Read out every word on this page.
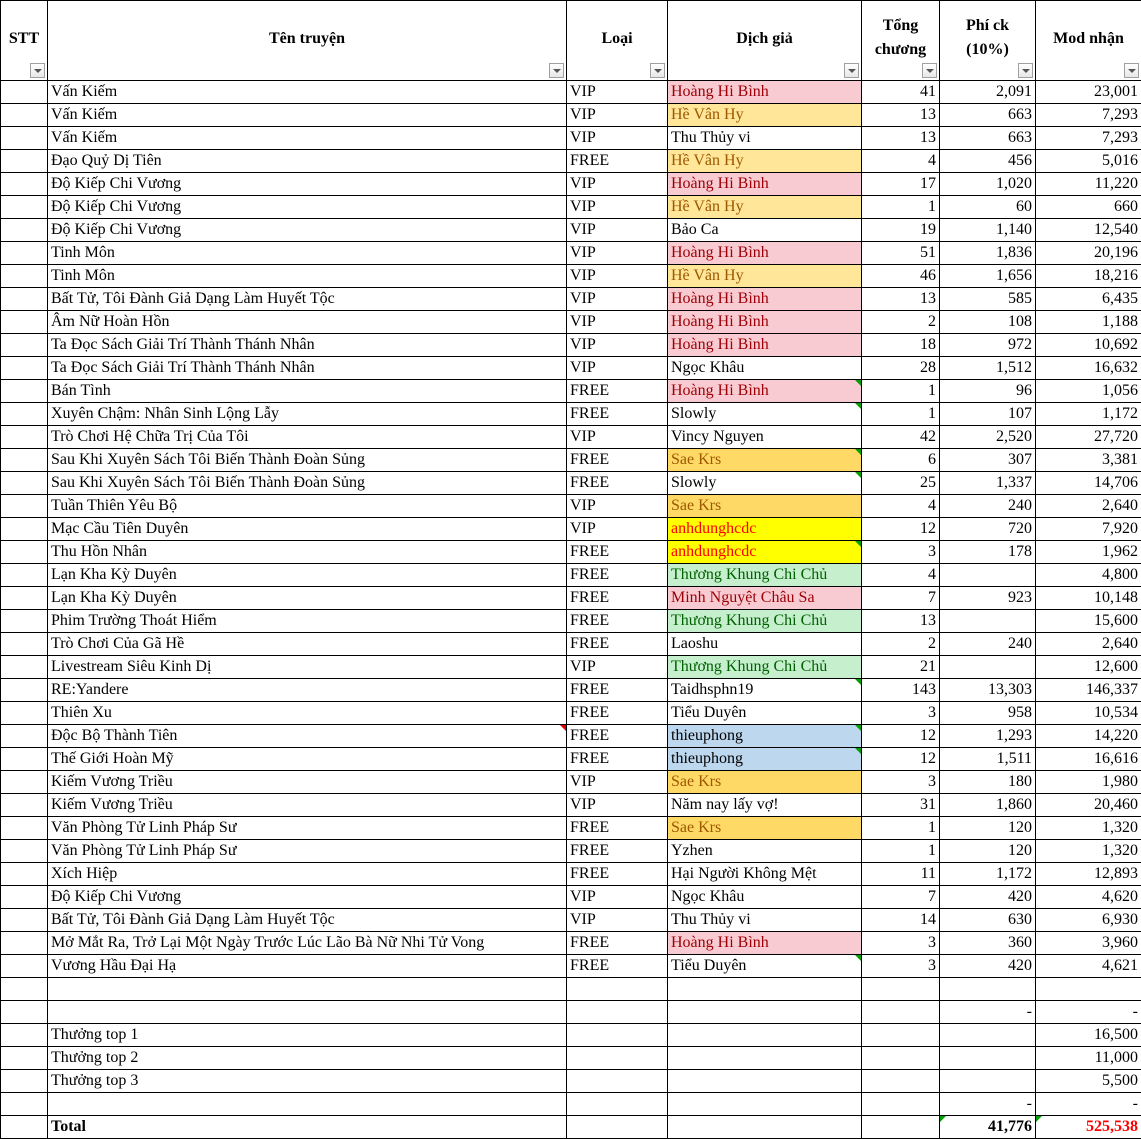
STT	Tên truyện	Loại	Dịch giả	Tổng chương	Phí ck (10%)	Mod nhận

	Vấn Kiếm	VIP	Hoàng Hi Bình	41	2,091	23,001
	Vấn Kiếm	VIP	Hề Vân Hy	13	663	7,293
	Vấn Kiếm	VIP	Thu Thủy vi	13	663	7,293
	Đạo Quỷ Dị Tiên	FREE	Hề Vân Hy	4	456	5,016
	Độ Kiếp Chi Vương	VIP	Hoàng Hi Bình	17	1,020	11,220
	Độ Kiếp Chi Vương	VIP	Hề Vân Hy	1	60	660
	Độ Kiếp Chi Vương	VIP	Bảo Ca	19	1,140	12,540
	Tinh Môn	VIP	Hoàng Hi Bình	51	1,836	20,196
	Tinh Môn	VIP	Hề Vân Hy	46	1,656	18,216
	Bất Tử, Tôi Đành Giả Dạng Làm Huyết Tộc	VIP	Hoàng Hi Bình	13	585	6,435
	Âm Nữ Hoàn Hồn	VIP	Hoàng Hi Bình	2	108	1,188
	Ta Đọc Sách Giải Trí Thành Thánh Nhân	VIP	Hoàng Hi Bình	18	972	10,692
	Ta Đọc Sách Giải Trí Thành Thánh Nhân	VIP	Ngọc Khâu	28	1,512	16,632
	Bán Tình	FREE	Hoàng Hi Bình	1	96	1,056
	Xuyên Chậm: Nhân Sinh Lộng Lẫy	FREE	Slowly	1	107	1,172
	Trò Chơi Hệ Chữa Trị Của Tôi	VIP	Vincy Nguyen	42	2,520	27,720
	Sau Khi Xuyên Sách Tôi Biến Thành Đoàn Sủng	FREE	Sae Krs	6	307	3,381
	Sau Khi Xuyên Sách Tôi Biến Thành Đoàn Sủng	FREE	Slowly	25	1,337	14,706
	Tuần Thiên Yêu Bộ	VIP	Sae Krs	4	240	2,640
	Mạc Cầu Tiên Duyên	VIP	anhdunghcdc	12	720	7,920
	Thu Hồn Nhân	FREE	anhdunghcdc	3	178	1,962
	Lạn Kha Kỳ Duyên	FREE	Thương Khung Chi Chủ	4		4,800
	Lạn Kha Kỳ Duyên	FREE	Minh Nguyệt Châu Sa	7	923	10,148
	Phim Trường Thoát Hiểm	FREE	Thương Khung Chi Chủ	13		15,600
	Trò Chơi Của Gã Hề	FREE	Laoshu	2	240	2,640
	Livestream Siêu Kinh Dị	VIP	Thương Khung Chi Chủ	21		12,600
	RE:Yandere	FREE	Taidhsphn19	143	13,303	146,337
	Thiên Xu	FREE	Tiểu Duyên	3	958	10,534
	Độc Bộ Thành Tiên	FREE	thieuphong	12	1,293	14,220
	Thế Giới Hoàn Mỹ	FREE	thieuphong	12	1,511	16,616
	Kiếm Vương Triều	VIP	Sae Krs	3	180	1,980
	Kiếm Vương Triều	VIP	Năm nay lấy vợ!	31	1,860	20,460
	Văn Phòng Tử Linh Pháp Sư	FREE	Sae Krs	1	120	1,320
	Văn Phòng Tử Linh Pháp Sư	FREE	Yzhen	1	120	1,320
	Xích Hiệp	FREE	Hại Người Không Mệt	11	1,172	12,893
	Độ Kiếp Chi Vương	VIP	Ngọc Khâu	7	420	4,620
	Bất Tử, Tôi Đành Giả Dạng Làm Huyết Tộc	VIP	Thu Thủy vi	14	630	6,930
	Mở Mắt Ra, Trở Lại Một Ngày Trước Lúc Lão Bà Nữ Nhi Tử Vong	FREE	Hoàng Hi Bình	3	360	3,960
	Vương Hầu Đại Hạ	FREE	Tiểu Duyên	3	420	4,621

					-	-
	Thưởng top 1					16,500
	Thưởng top 2					11,000
	Thưởng top 3					5,500
					-	-
	Total				41,776	525,538
